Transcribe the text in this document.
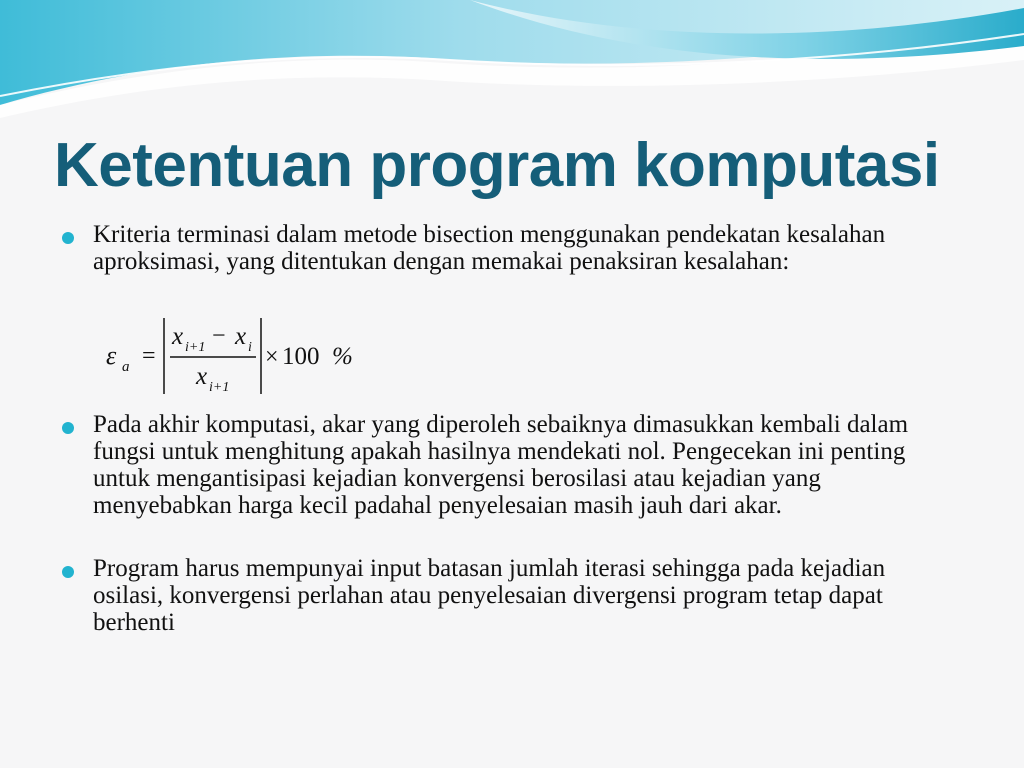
Ketentuan program komputasi
Kriteria terminasi dalam metode bisection menggunakan pendekatan kesalahan aproksimasi, yang ditentukan dengan memakai penaksiran kesalahan:
ε a =
x i+1 − x i
x i+1
× 100 %
Pada akhir komputasi, akar yang diperoleh sebaiknya dimasukkan kembali dalam fungsi untuk menghitung apakah hasilnya mendekati nol. Pengecekan ini penting untuk mengantisipasi kejadian konvergensi berosilasi atau kejadian yang menyebabkan harga kecil padahal penyelesaian masih jauh dari akar.
Program harus mempunyai input batasan jumlah iterasi sehingga pada kejadian osilasi, konvergensi perlahan atau penyelesaian divergensi program tetap dapat berhenti
